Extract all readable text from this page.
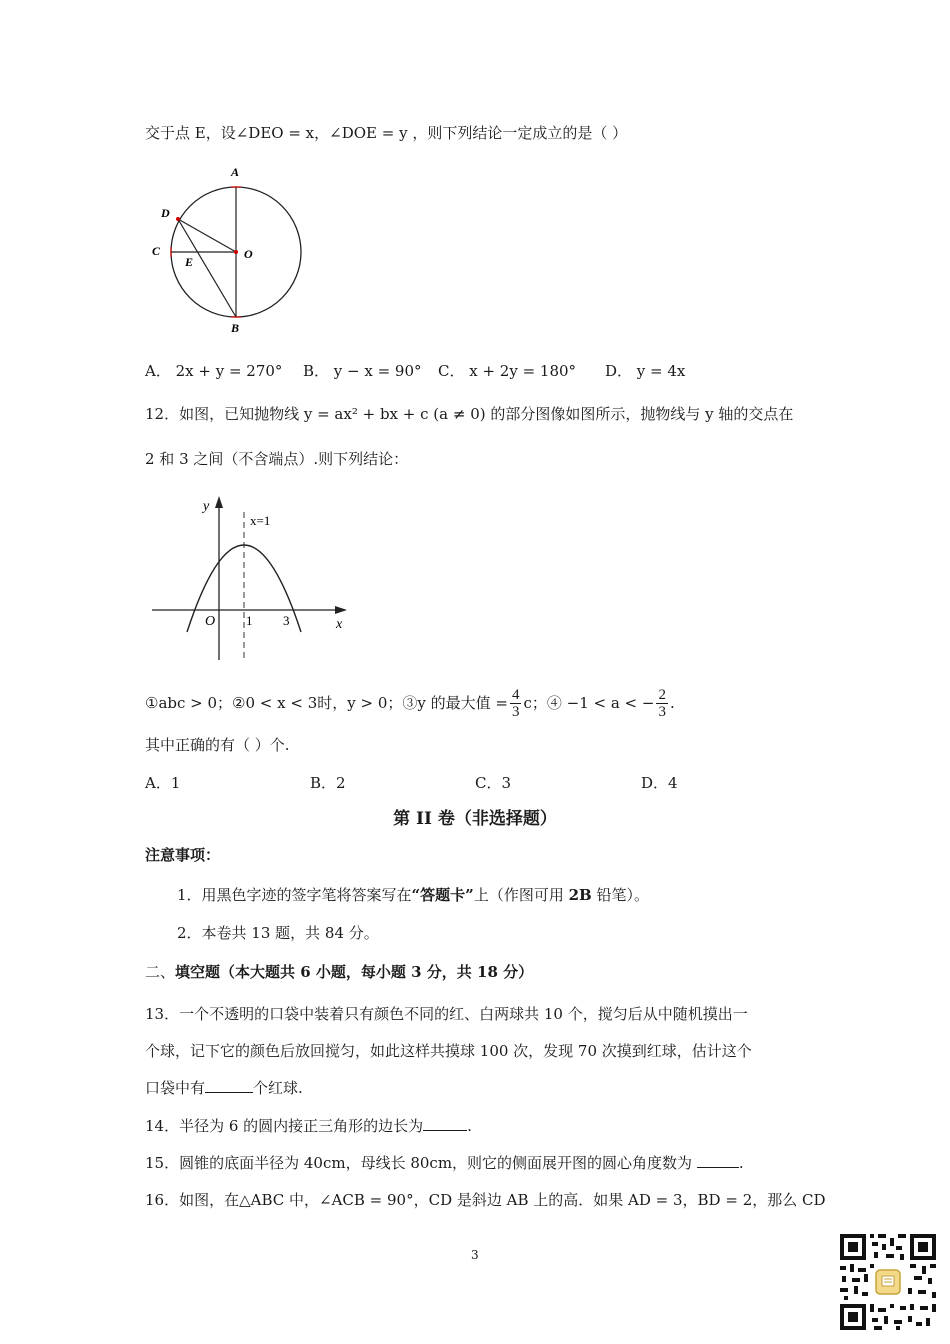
交于点 E，设∠DEO = x，∠DOE = y ，则下列结论一定成立的是（ ）
A
D
C
E
O
B
A． 2x + y = 270° B． y − x = 90° C． x + 2y = 180° D． y = 4x
12．如图，已知抛物线 y = ax² + bx + c (a ≠ 0) 的部分图像如图所示，抛物线与 y 轴的交点在
2 和 3 之间（不含端点）.则下列结论：
y
x=1
O 1 3	x
①abc > 0；②0 < x < 3时，y > 0；③y 的最大值 = $\frac{4}{3}$ c；④ −1 < a < − $\frac{2}{3}$ .
其中正确的有（ ）个.
A．1	B．2	C．3	D．4
第 II 卷（非选择题）
注意事项：
1．用黑色字迹的签字笔将答案写在“答题卡”上（作图可用 2B 铅笔）。
2．本卷共 13 题，共 84 分。
二、填空题（本大题共 6 小题，每小题 3 分，共 18 分）
13．一个不透明的口袋中装着只有颜色不同的红、白两球共 10 个，搅匀后从中随机摸出一
个球，记下它的颜色后放回搅匀，如此这样共摸球 100 次，发现 70 次摸到红球，估计这个
口袋中有	个红球.
14．半径为 6 的圆内接正三角形的边长为	.
15．圆锥的底面半径为 40cm，母线长 80cm，则它的侧面展开图的圆心角度数为	.
16．如图，在△ABC 中，∠ACB = 90°，CD 是斜边 AB 上的高．如果 AD = 3，BD = 2，那么 CD
3
